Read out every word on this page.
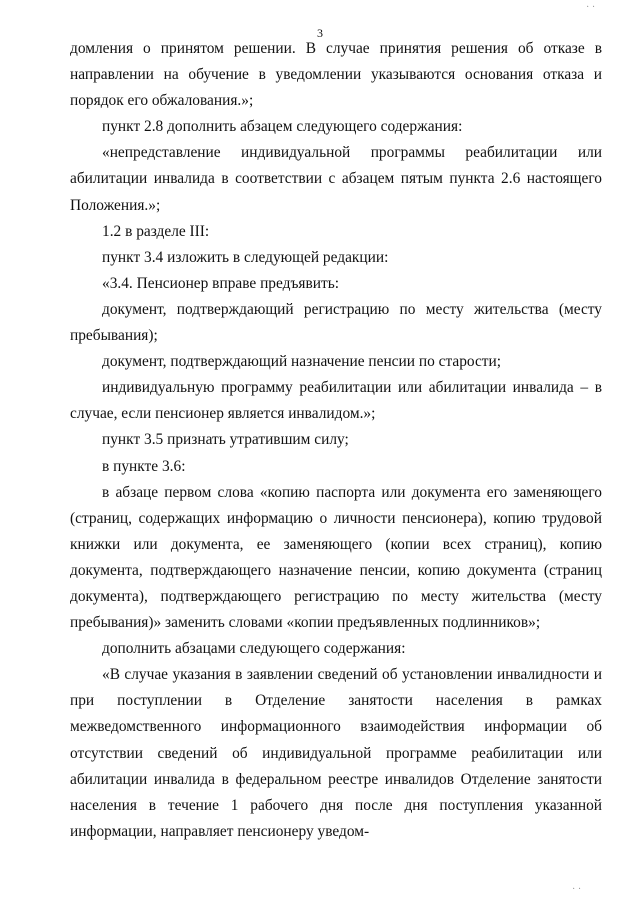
3

домления о принятом решении. В случае принятия решения об отказе в направлении на обучение в уведомлении указываются основания отказа и порядок его обжалования.»;

пункт 2.8 дополнить абзацем следующего содержания:

«непредставление индивидуальной программы реабилитации или абилитации инвалида в соответствии с абзацем пятым пункта 2.6 настоящего Положения.»;

1.2 в разделе III:

пункт 3.4 изложить в следующей редакции:

«3.4. Пенсионер вправе предъявить:

документ, подтверждающий регистрацию по месту жительства (месту пребывания);

документ, подтверждающий назначение пенсии по старости;

индивидуальную программу реабилитации или абилитации инвалида – в случае, если пенсионер является инвалидом.»;

пункт 3.5 признать утратившим силу;

в пункте 3.6:

в абзаце первом слова «копию паспорта или документа его заменяющего (страниц, содержащих информацию о личности пенсионера), копию трудовой книжки или документа, ее заменяющего (копии всех страниц), копию документа, подтверждающего назначение пенсии, копию документа (страниц документа), подтверждающего регистрацию по месту жительства (месту пребывания)» заменить словами «копии предъявленных подлинников»;

дополнить абзацами следующего содержания:

«В случае указания в заявлении сведений об установлении инвалидности и при поступлении в Отделение занятости населения в рамках межведомственного информационного взаимодействия информации об отсутствии сведений об индивидуальной программе реабилитации или абилитации инвалида в федеральном реестре инвалидов Отделение занятости населения в течение 1 рабочего дня после дня поступления указанной информации, направляет пенсионеру уведом-

· ·
· ·
